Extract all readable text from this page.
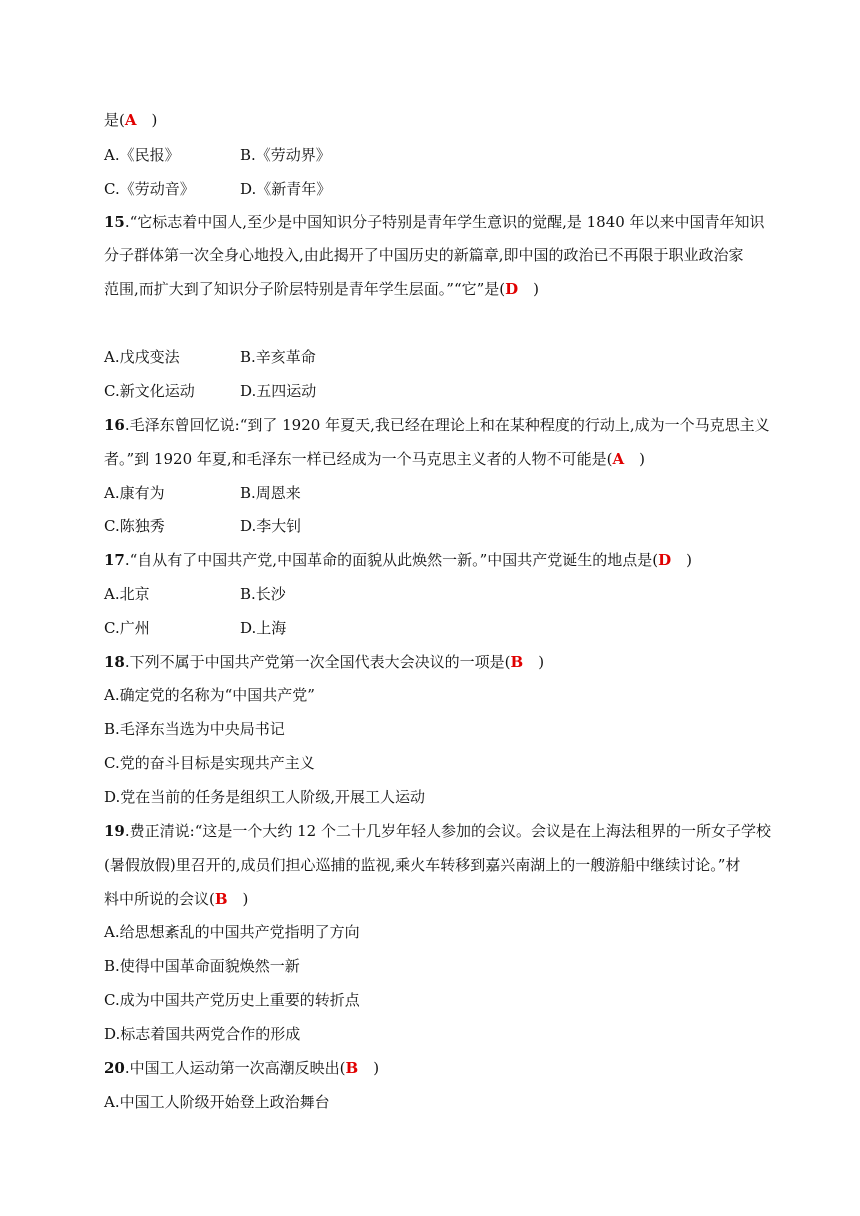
是(A　)
A.《民报》	B.《劳动界》
C.《劳动音》	D.《新青年》
15.“它标志着中国人,至少是中国知识分子特别是青年学生意识的觉醒,是 1840 年以来中国青年知识
分子群体第一次全身心地投入,由此揭开了中国历史的新篇章,即中国的政治已不再限于职业政治家
范围,而扩大到了知识分子阶层特别是青年学生层面。”“它”是(D　)
A.戊戌变法	B.辛亥革命
C.新文化运动	D.五四运动
16.毛泽东曾回忆说:“到了 1920 年夏天,我已经在理论上和在某种程度的行动上,成为一个马克思主义
者。”到 1920 年夏,和毛泽东一样已经成为一个马克思主义者的人物不可能是(A　)
A.康有为	B.周恩来
C.陈独秀	D.李大钊
17.“自从有了中国共产党,中国革命的面貌从此焕然一新。”中国共产党诞生的地点是(D　)
A.北京	B.长沙
C.广州	D.上海
18.下列不属于中国共产党第一次全国代表大会决议的一项是(B　)
A.确定党的名称为“中国共产党”
B.毛泽东当选为中央局书记
C.党的奋斗目标是实现共产主义
D.党在当前的任务是组织工人阶级,开展工人运动
19.费正清说:“这是一个大约 12 个二十几岁年轻人参加的会议。会议是在上海法租界的一所女子学校
(暑假放假)里召开的,成员们担心巡捕的监视,乘火车转移到嘉兴南湖上的一艘游船中继续讨论。”材
料中所说的会议(B　)
A.给思想紊乱的中国共产党指明了方向
B.使得中国革命面貌焕然一新
C.成为中国共产党历史上重要的转折点
D.标志着国共两党合作的形成
20.中国工人运动第一次高潮反映出(B　)
A.中国工人阶级开始登上政治舞台
